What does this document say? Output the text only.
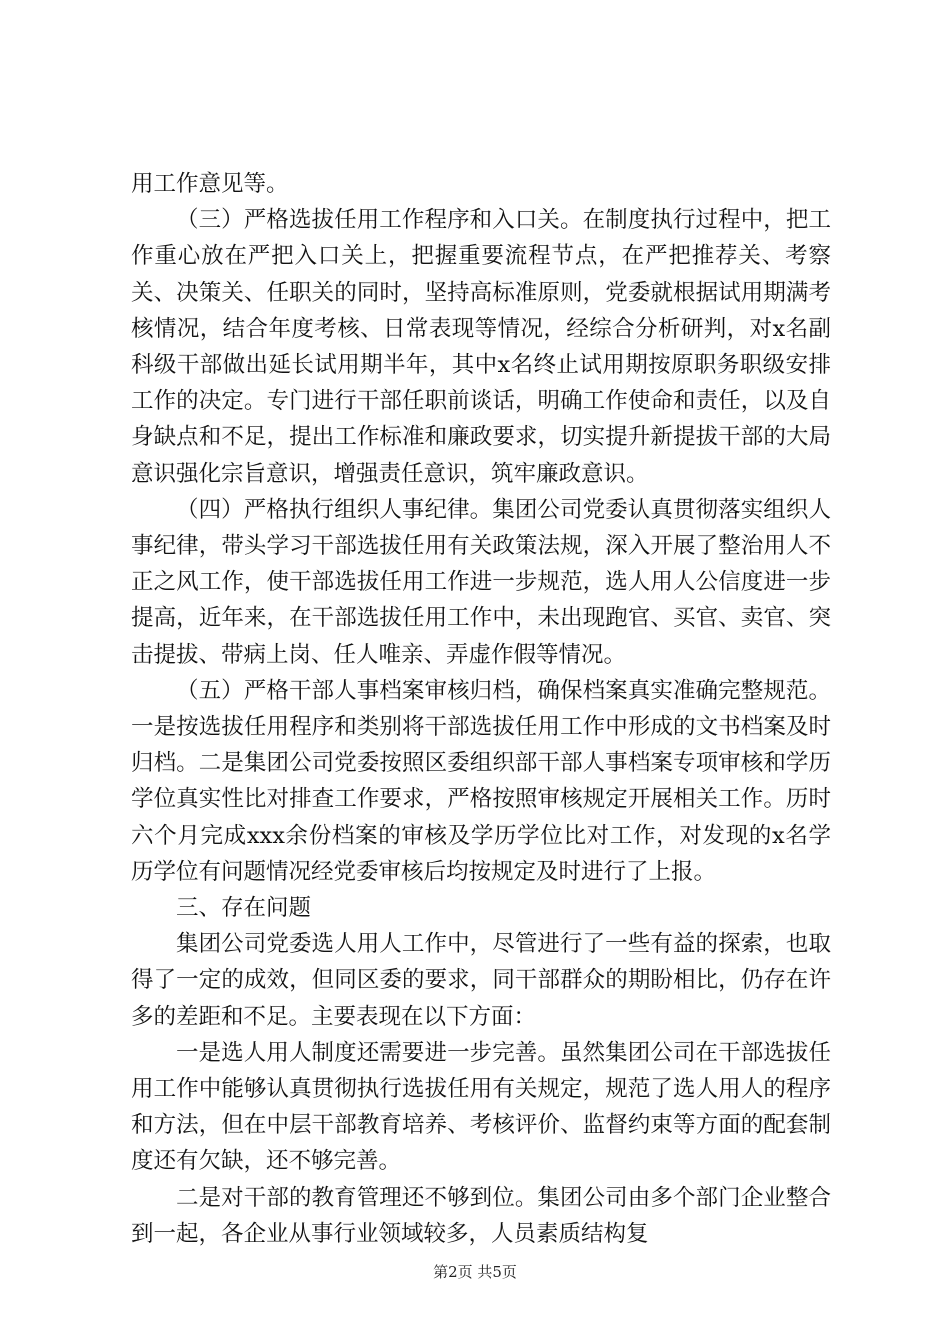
用工作意见等。

（三）严格选拔任用工作程序和入口关。在制度执行过程中，把工作重心放在严把入口关上，把握重要流程节点，在严把推荐关、考察关、决策关、任职关的同时，坚持高标准原则，党委就根据试用期满考核情况，结合年度考核、日常表现等情况，经综合分析研判，对x名副科级干部做出延长试用期半年，其中x名终止试用期按原职务职级安排工作的决定。专门进行干部任职前谈话，明确工作使命和责任，以及自身缺点和不足，提出工作标准和廉政要求，切实提升新提拔干部的大局意识强化宗旨意识，增强责任意识，筑牢廉政意识。

（四）严格执行组织人事纪律。集团公司党委认真贯彻落实组织人事纪律，带头学习干部选拔任用有关政策法规，深入开展了整治用人不正之风工作，使干部选拔任用工作进一步规范，选人用人公信度进一步提高，近年来，在干部选拔任用工作中，未出现跑官、买官、卖官、突击提拔、带病上岗、任人唯亲、弄虚作假等情况。

（五）严格干部人事档案审核归档，确保档案真实准确完整规范。一是按选拔任用程序和类别将干部选拔任用工作中形成的文书档案及时归档。二是集团公司党委按照区委组织部干部人事档案专项审核和学历学位真实性比对排查工作要求，严格按照审核规定开展相关工作。历时六个月完成xxx余份档案的审核及学历学位比对工作，对发现的x名学历学位有问题情况经党委审核后均按规定及时进行了上报。

三、存在问题

集团公司党委选人用人工作中，尽管进行了一些有益的探索，也取得了一定的成效，但同区委的要求，同干部群众的期盼相比，仍存在许多的差距和不足。主要表现在以下方面：

一是选人用人制度还需要进一步完善。虽然集团公司在干部选拔任用工作中能够认真贯彻执行选拔任用有关规定，规范了选人用人的程序和方法，但在中层干部教育培养、考核评价、监督约束等方面的配套制度还有欠缺，还不够完善。

二是对干部的教育管理还不够到位。集团公司由多个部门企业整合到一起，各企业从事行业领域较多，人员素质结构复

第2页 共5页
